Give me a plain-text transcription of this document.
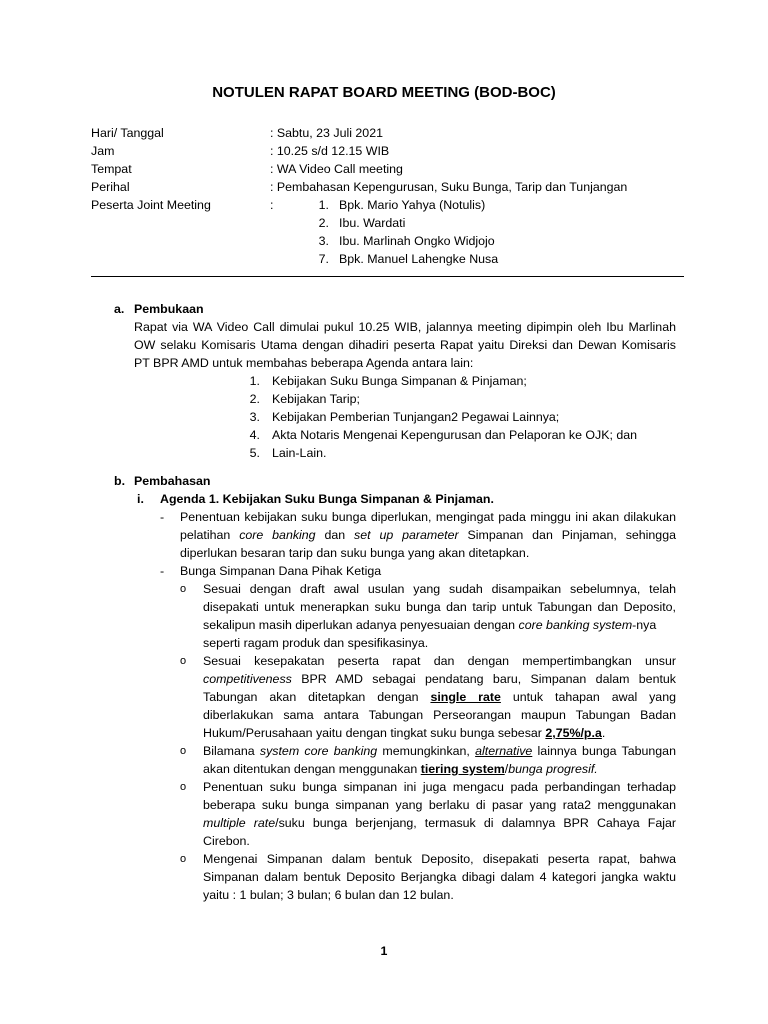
NOTULEN RAPAT BOARD MEETING (BOD-BOC)
Hari/ Tanggal	: Sabtu, 23 Juli 2021
Jam	: 10.25 s/d 12.15 WIB
Tempat	: WA Video Call meeting
Perihal	: Pembahasan Kepengurusan, Suku Bunga, Tarip dan Tunjangan
Peserta Joint Meeting	:	1. Bpk. Mario Yahya (Notulis)
2. Ibu. Wardati
3. Ibu. Marlinah Ongko Widjojo
7. Bpk. Manuel Lahengke Nusa
a. Pembukaan
Rapat via WA Video Call dimulai pukul 10.25 WIB, jalannya meeting dipimpin oleh Ibu Marlinah
OW selaku Komisaris Utama dengan dihadiri peserta Rapat yaitu Direksi dan Dewan Komisaris
PT BPR AMD untuk membahas beberapa Agenda antara lain:
1. Kebijakan Suku Bunga Simpanan & Pinjaman;
2. Kebijakan Tarip;
3. Kebijakan Pemberian Tunjangan2 Pegawai Lainnya;
4. Akta Notaris Mengenai Kepengurusan dan Pelaporan ke OJK; dan
5. Lain-Lain.
b. Pembahasan
i. Agenda 1. Kebijakan Suku Bunga Simpanan & Pinjaman.
- Penentuan kebijakan suku bunga diperlukan, mengingat pada minggu ini akan dilakukan
pelatihan core banking dan set up parameter Simpanan dan Pinjaman, sehingga
diperlukan besaran tarip dan suku bunga yang akan ditetapkan.
- Bunga Simpanan Dana Pihak Ketiga
o Sesuai dengan draft awal usulan yang sudah disampaikan sebelumnya, telah
disepakati untuk menerapkan suku bunga dan tarip untuk Tabungan dan Deposito,
sekalipun masih diperlukan adanya penyesuaian dengan core banking system-nya
seperti ragam produk dan spesifikasinya.
o Sesuai kesepakatan peserta rapat dan dengan mempertimbangkan unsur
competitiveness BPR AMD sebagai pendatang baru, Simpanan dalam bentuk
Tabungan akan ditetapkan dengan single rate untuk tahapan awal yang
diberlakukan sama antara Tabungan Perseorangan maupun Tabungan Badan
Hukum/Perusahaan yaitu dengan tingkat suku bunga sebesar 2,75%/p.a.
o Bilamana system core banking memungkinkan, alternative lainnya bunga Tabungan
akan ditentukan dengan menggunakan tiering system/bunga progresif.
o Penentuan suku bunga simpanan ini juga mengacu pada perbandingan terhadap
beberapa suku bunga simpanan yang berlaku di pasar yang rata2 menggunakan
multiple rate/suku bunga berjenjang, termasuk di dalamnya BPR Cahaya Fajar
Cirebon.
o Mengenai Simpanan dalam bentuk Deposito, disepakati peserta rapat, bahwa
Simpanan dalam bentuk Deposito Berjangka dibagi dalam 4 kategori jangka waktu
yaitu : 1 bulan; 3 bulan; 6 bulan dan 12 bulan.
1
